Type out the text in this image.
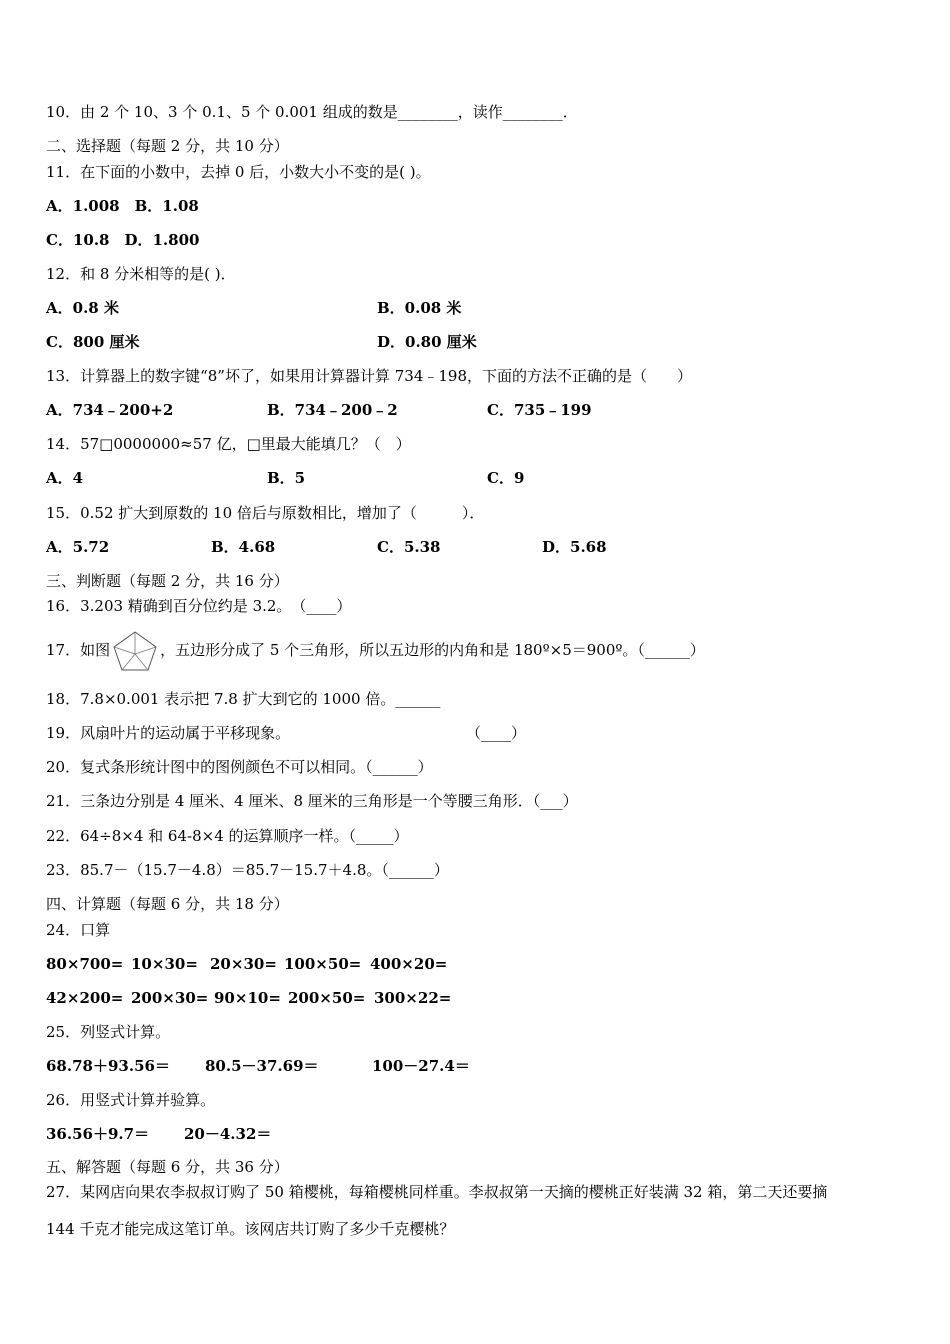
10．由 2 个 10、3 个 0.1、5 个 0.001 组成的数是________，读作________．
二、选择题（每题 2 分，共 10 分）
11．在下面的小数中，去掉 0 后，小数大小不变的是( )。
A．1.008　B．1.08
C．10.8　D．1.800
12．和 8 分米相等的是( )．
A．0.8 米	B．0.08 米
C．800 厘米	D．0.80 厘米
13．计算器上的数字键“8”坏了，如果用计算器计算 734﹣198，下面的方法不正确的是（　　）
A．734﹣200+2	B．734﹣200﹣2	C．735﹣199
14．57□0000000≈57 亿，□里最大能填几？（　）
A．4	B．5	C．9
15．0.52 扩大到原数的 10 倍后与原数相比，增加了（　　　）．
A．5.72	B．4.68	C．5.38	D．5.68
三、判断题（每题 2 分，共 16 分）
16．3.203 精确到百分位约是 3.2。　（____）
17．如图	，五边形分成了 5 个三角形，所以五边形的内角和是 180º×5＝900º。（______）
18．7.8×0.001 表示把 7.8 扩大到它的 1000 倍。______
19．风扇叶片的运动属于平移现象。	（____）
20．复式条形统计图中的图例颜色不可以相同。（______）
21．三条边分别是 4 厘米、4 厘米、8 厘米的三角形是一个等腰三角形．（___）
22．64÷8×4 和 64-8×4 的运算顺序一样。（_____）
23．85.7－（15.7－4.8）＝85.7－15.7＋4.8。（______）
四、计算题（每题 6 分，共 18 分）
24．口算
80×700= 10×30= 20×30= 100×50= 400×20=
42×200= 200×30= 90×10= 200×50= 300×22=
25．列竖式计算。
68.78＋93.56＝ 80.5－37.69＝	100－27.4＝
26．用竖式计算并验算。
36.56＋9.7＝ 20－4.32＝
五、解答题（每题 6 分，共 36 分）
27．某网店向果农李叔叔订购了 50 箱樱桃，每箱樱桃同样重。李叔叔第一天摘的樱桃正好装满 32 箱，第二天还要摘
144 千克才能完成这笔订单。该网店共订购了多少千克樱桃？
